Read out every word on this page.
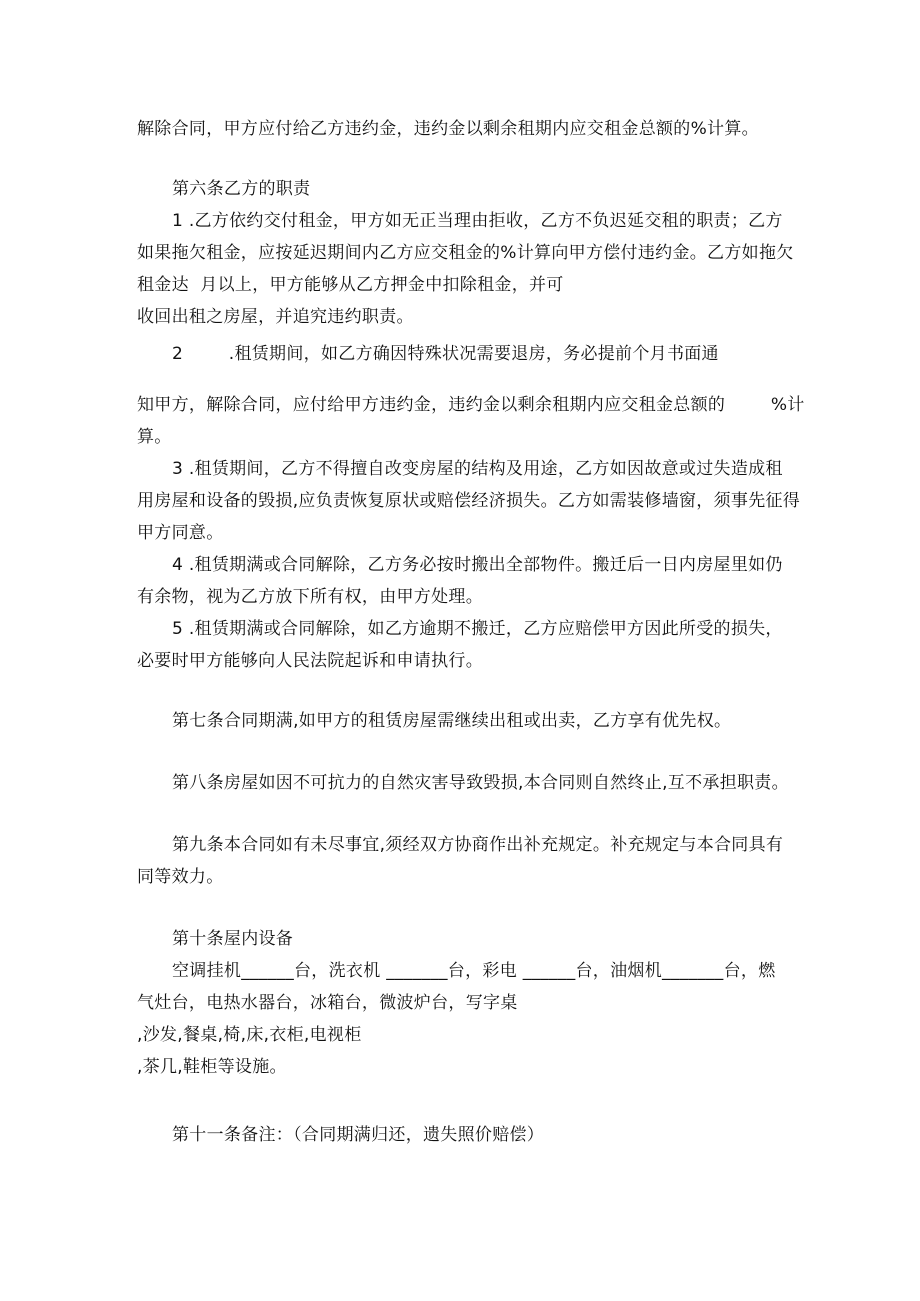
解除合同，甲方应付给乙方违约金，违约金以剩余租期内应交租金总额的%计算。
第六条乙方的职责
1 .乙方依约交付租金，甲方如无正当理由拒收，乙方不负迟延交租的职责；乙方
如果拖欠租金，应按延迟期间内乙方应交租金的%计算向甲方偿付违约金。乙方如拖欠
租金达  月以上，甲方能够从乙方押金中扣除租金，并可
收回出租之房屋，并追究违约职责。
2        .租赁期间，如乙方确因特殊状况需要退房，务必提前个月书面通
知甲方，解除合同，应付给甲方违约金，违约金以剩余租期内应交租金总额的        %计
算。
3 .租赁期间，乙方不得擅自改变房屋的结构及用途，乙方如因故意或过失造成租
用房屋和设备的毁损,应负责恢复原状或赔偿经济损失。乙方如需装修墙窗，须事先征得
甲方同意。
4 .租赁期满或合同解除，乙方务必按时搬出全部物件。搬迁后一日内房屋里如仍
有余物，视为乙方放下所有权，由甲方处理。
5 .租赁期满或合同解除，如乙方逾期不搬迁，乙方应赔偿甲方因此所受的损失，
必要时甲方能够向人民法院起诉和申请执行。
第七条合同期满,如甲方的租赁房屋需继续出租或出卖，乙方享有优先权。
第八条房屋如因不可抗力的自然灾害导致毁损,本合同则自然终止,互不承担职责。
第九条本合同如有未尽事宜,须经双方协商作出补充规定。补充规定与本合同具有
同等效力。
第十条屋内设备
空调挂机______台，洗衣机 _______台，彩电 ______台，油烟机_______台，燃
气灶台，电热水器台，冰箱台，微波炉台，写字桌
,沙发,餐桌,椅,床,衣柜,电视柜
,茶几,鞋柜等设施。
第十一条备注：（合同期满归还，遗失照价赔偿）
